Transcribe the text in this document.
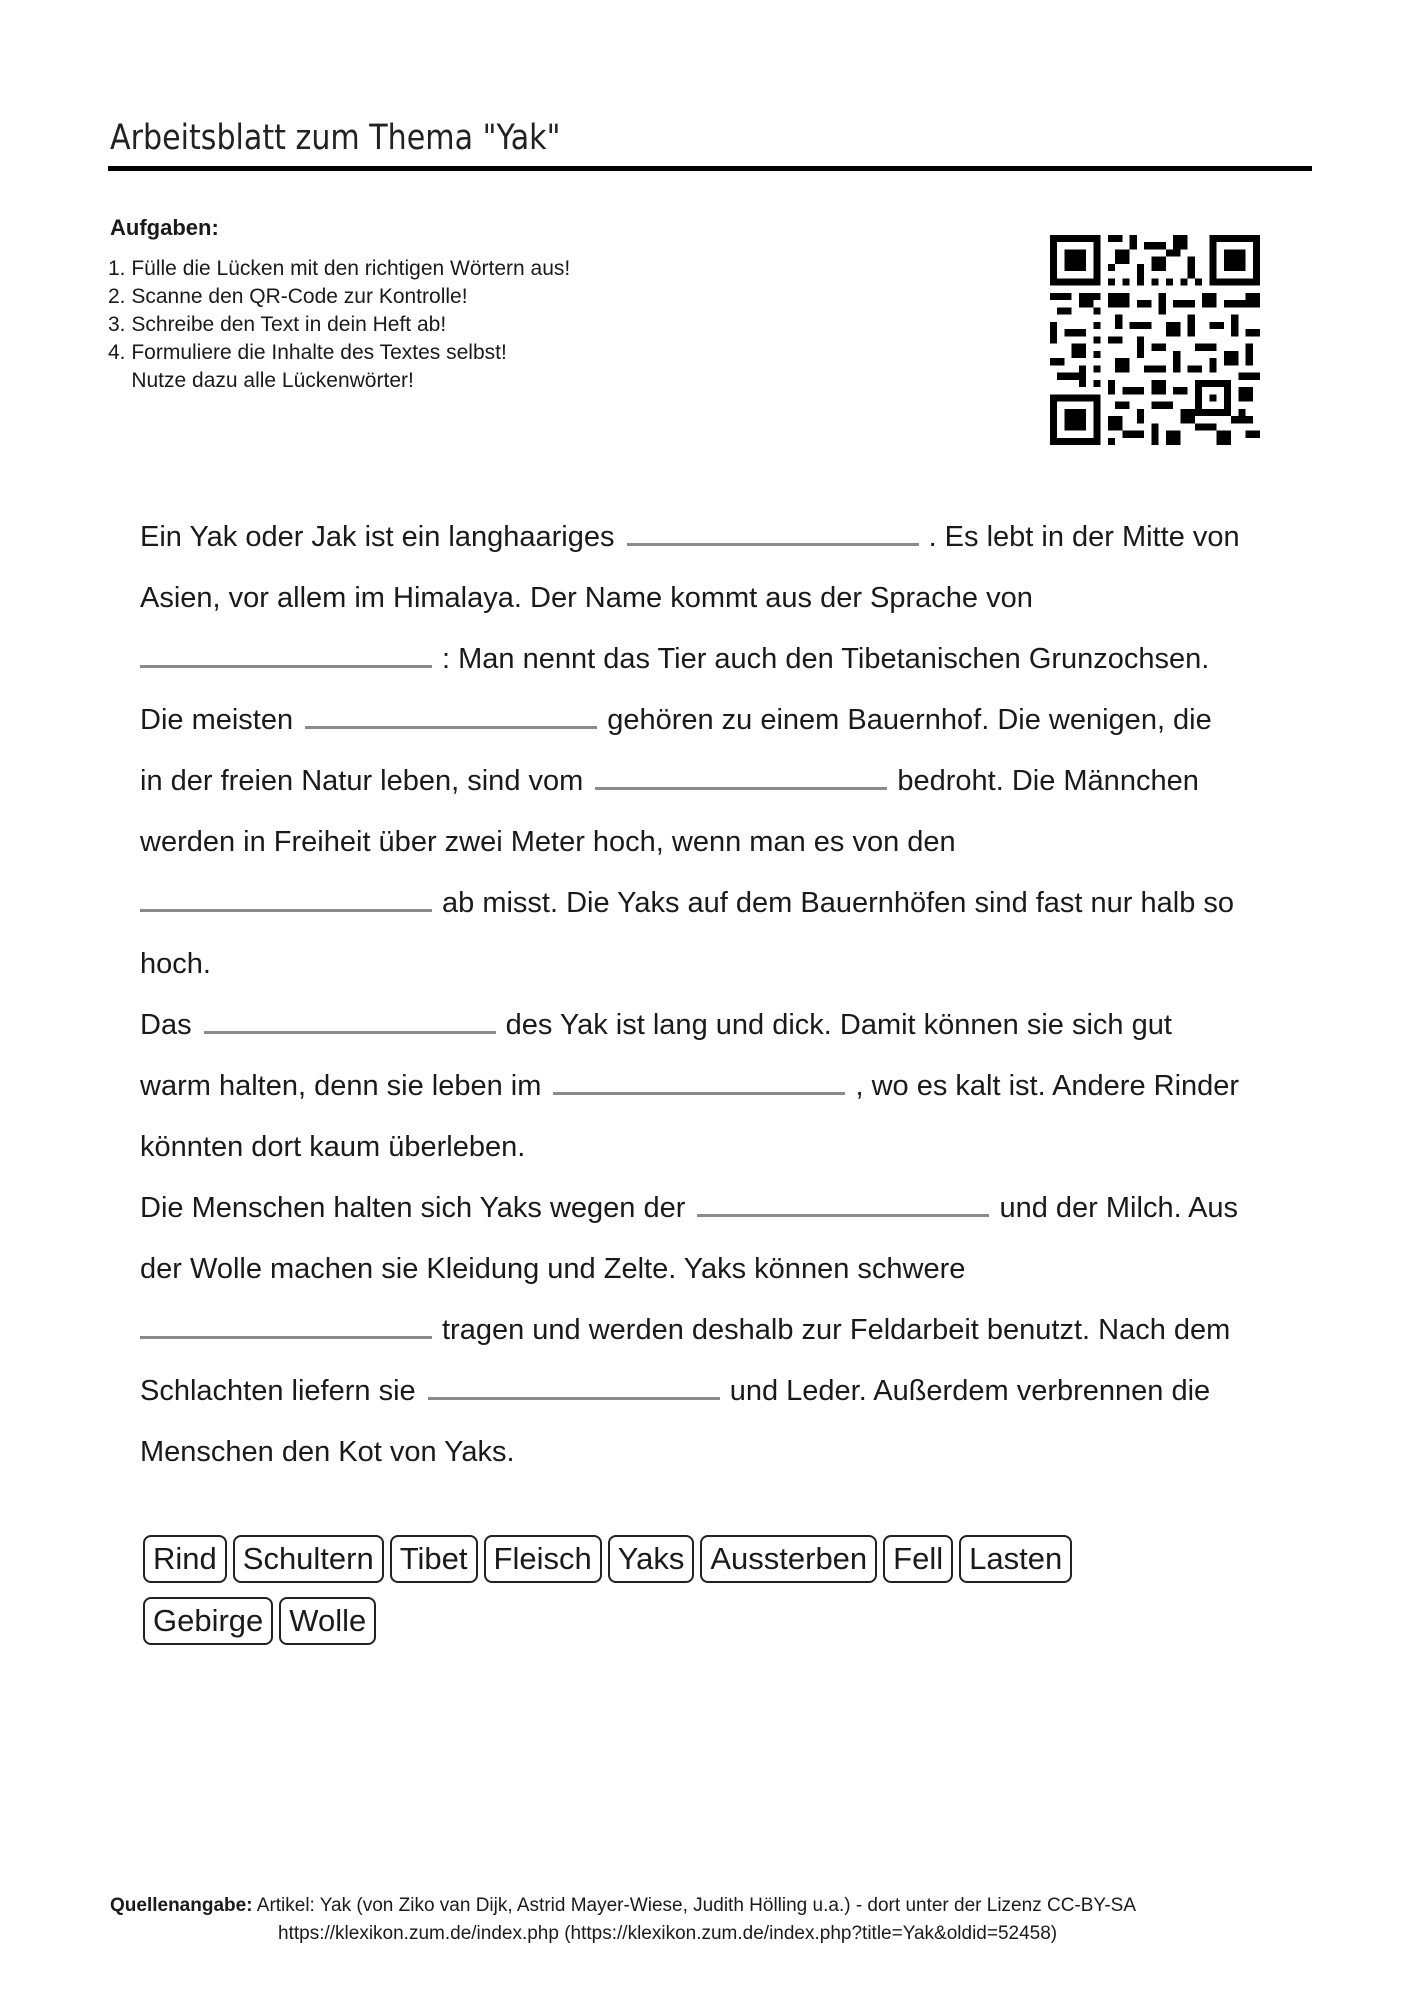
Arbeitsblatt zum Thema "Yak"
Aufgaben:
1. Fülle die Lücken mit den richtigen Wörtern aus!
2. Scanne den QR-Code zur Kontrolle!
3. Schreibe den Text in dein Heft ab!
4. Formuliere die Inhalte des Textes selbst!
Nutze dazu alle Lückenwörter!
Ein Yak oder Jak ist ein langhaariges	. Es lebt in der Mitte von
Asien, vor allem im Himalaya. Der Name kommt aus der Sprache von
: Man nennt das Tier auch den Tibetanischen Grunzochsen.
Die meisten	gehören zu einem Bauernhof. Die wenigen, die
in der freien Natur leben, sind vom	bedroht. Die Männchen
werden in Freiheit über zwei Meter hoch, wenn man es von den
ab misst. Die Yaks auf dem Bauernhöfen sind fast nur halb so
hoch.
Das	des Yak ist lang und dick. Damit können sie sich gut
warm halten, denn sie leben im	, wo es kalt ist. Andere Rinder
könnten dort kaum überleben.
Die Menschen halten sich Yaks wegen der	und der Milch. Aus
der Wolle machen sie Kleidung und Zelte. Yaks können schwere
tragen und werden deshalb zur Feldarbeit benutzt. Nach dem
Schlachten liefern sie	und Leder. Außerdem verbrennen die
Menschen den Kot von Yaks.
Rind Schultern Tibet Fleisch Yaks Aussterben Fell Lasten
Gebirge Wolle
Quellenangabe: Artikel: Yak (von Ziko van Dijk, Astrid Mayer-Wiese, Judith Hölling u.a.) - dort unter der Lizenz CC-BY-SA
https://klexikon.zum.de/index.php (https://klexikon.zum.de/index.php?title=Yak&oldid=52458)
